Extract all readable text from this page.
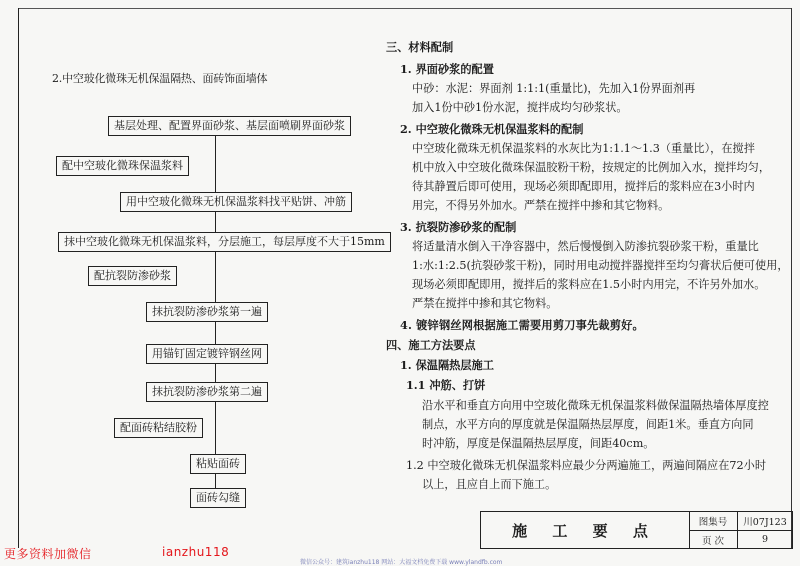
2.中空玻化微珠无机保温隔热、面砖饰面墙体
基层处理、配置界面砂浆、基层面喷刷界面砂浆
配中空玻化微珠保温浆料
用中空玻化微珠无机保温浆料找平贴饼、冲筋
抹中空玻化微珠无机保温浆料，分层施工，每层厚度不大于15mm
配抗裂防渗砂浆
抹抗裂防渗砂浆第一遍
用锚钉固定镀锌钢丝网
抹抗裂防渗砂浆第二遍
配面砖粘结胶粉
粘贴面砖
面砖勾缝
三、材料配制
1. 界面砂浆的配置
中砂：水泥：界面剂 1:1:1(重量比)，先加入1份界面剂再
加入1份中砂1份水泥，搅拌成均匀砂浆状。
2. 中空玻化微珠无机保温浆料的配制
中空玻化微珠无机保温浆料的水灰比为1:1.1～1.3（重量比），在搅拌
机中放入中空玻化微珠保温胶粉干粉，按规定的比例加入水，搅拌均匀，
待其静置后即可使用，现场必须即配即用，搅拌后的浆料应在3小时内
用完，不得另外加水。严禁在搅拌中掺和其它物料。
3. 抗裂防渗砂浆的配制
将适量清水倒入干净容器中，然后慢慢倒入防渗抗裂砂浆干粉，重量比
1:水:1:2.5(抗裂砂浆干粉)，同时用电动搅拌器搅拌至均匀膏状后便可使用，
现场必须即配即用，搅拌后的浆料应在1.5小时内用完，不许另外加水。
严禁在搅拌中掺和其它物料。
4. 镀锌钢丝网根据施工需要用剪刀事先裁剪好。
四、施工方法要点
1. 保温隔热层施工
1.1 冲筋、打饼
沿水平和垂直方向用中空玻化微珠无机保温浆料做保温隔热墙体厚度控
制点，水平方向的厚度就是保温隔热层厚度，间距1米。垂直方向同
时冲筋，厚度是保温隔热层厚度，间距40cm。
1.2 中空玻化微珠无机保温浆料应最少分两遍施工，两遍间隔应在72小时
以上，且应自上而下施工。
施 工 要 点	图集号	川07J123
页 次	9
更多资料加微信	ianzhu118
微信公众号：建筑ianzhu118 网站：大福文档免费下载 www.ylandfb.com
